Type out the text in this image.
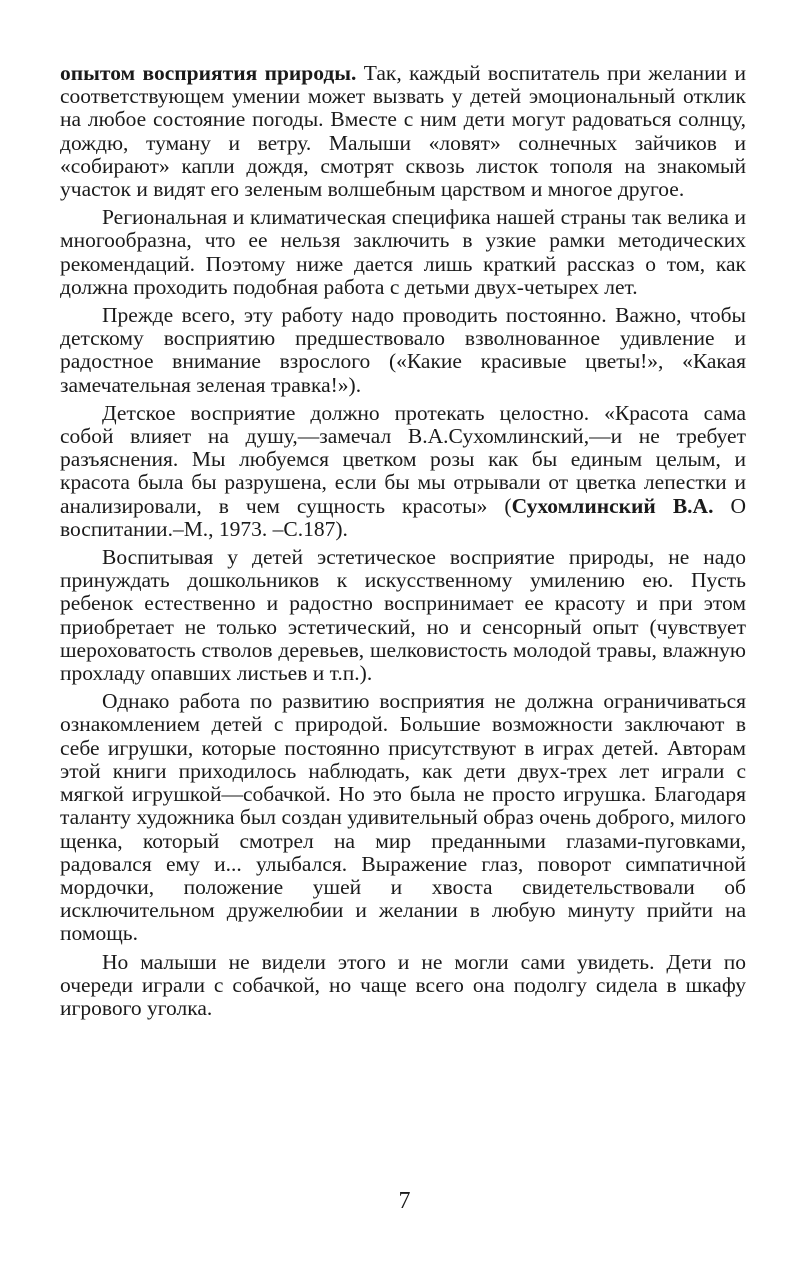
опытом восприятия природы. Так, каждый воспитатель при желании и соответствующем умении может вызвать у детей эмоциональный отклик на любое состояние погоды. Вместе с ним дети могут радоваться солнцу, дождю, туману и ветру. Малыши «ловят» солнечных зайчиков и «собирают» капли дождя, смотрят сквозь листок тополя на знакомый участок и видят его зеленым волшебным царством и многое другое.

Региональная и климатическая специфика нашей страны так велика и многообразна, что ее нельзя заключить в узкие рамки методических рекомендаций. Поэтому ниже дается лишь краткий рассказ о том, как должна проходить подобная работа с детьми двух-четырех лет.

Прежде всего, эту работу надо проводить постоянно. Важно, чтобы детскому восприятию предшествовало взволнованное удивление и радостное внимание взрослого («Какие красивые цветы!», «Какая замечательная зеленая травка!»).

Детское восприятие должно протекать целостно. «Красота сама собой влияет на душу,—замечал В.А.Сухомлинский,—и не требует разъяснения. Мы любуемся цветком розы как бы единым целым, и красота была бы разрушена, если бы мы отрывали от цветка лепестки и анализировали, в чем сущность красоты» (Сухомлинский В.А. О воспитании.–М., 1973. –С.187).

Воспитывая у детей эстетическое восприятие природы, не надо принуждать дошкольников к искусственному умилению ею. Пусть ребенок естественно и радостно воспринимает ее красоту и при этом приобретает не только эстетический, но и сенсорный опыт (чувствует шероховатость стволов деревьев, шелковистость молодой травы, влажную прохладу опавших листьев и т.п.).

Однако работа по развитию восприятия не должна ограничиваться ознакомлением детей с природой. Большие возможности заключают в себе игрушки, которые постоянно присутствуют в играх детей. Авторам этой книги приходилось наблюдать, как дети двух-трех лет играли с мягкой игрушкой—собачкой. Но это была не просто игрушка. Благодаря таланту художника был создан удивительный образ очень доброго, милого щенка, который смотрел на мир преданными глазами-пуговками, радовался ему и... улыбался. Выражение глаз, поворот симпатичной мордочки, положение ушей и хвоста свидетельствовали об исключительном дружелюбии и желании в любую минуту прийти на помощь.

Но малыши не видели этого и не могли сами увидеть. Дети по очереди играли с собачкой, но чаще всего она подолгу сидела в шкафу игрового уголка.

7
